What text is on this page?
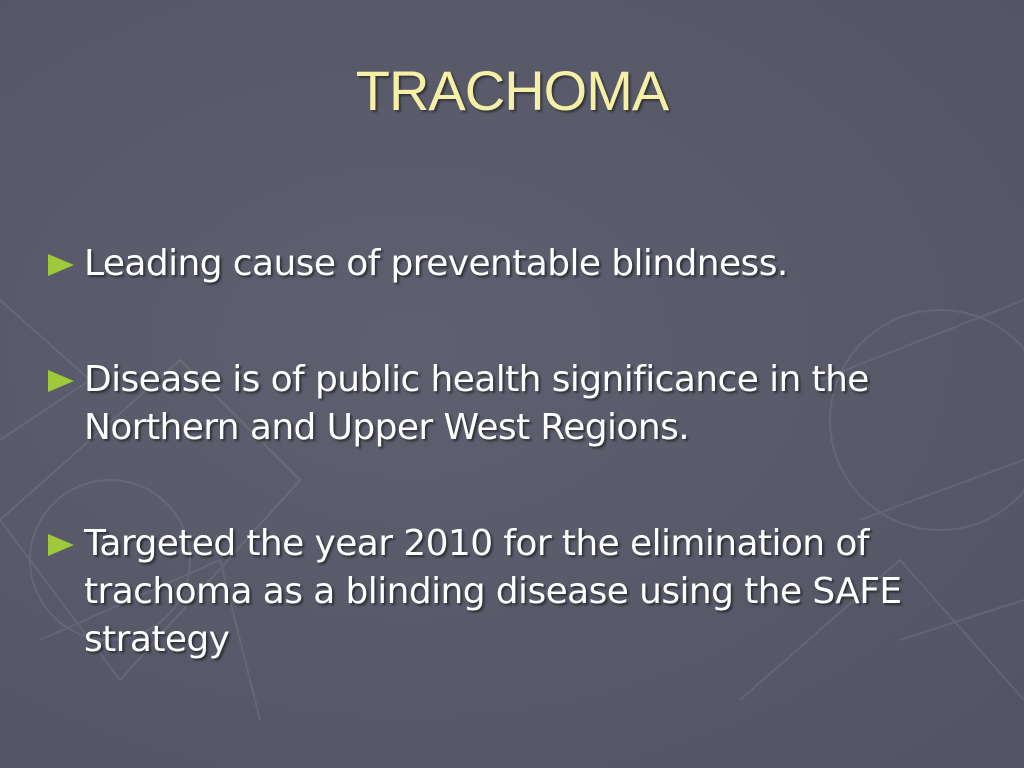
TRACHOMA
Leading cause of preventable blindness.
Disease is of public health significance in the Northern and Upper West Regions.
Targeted the year 2010 for the elimination of trachoma as a blinding disease using the SAFE strategy
